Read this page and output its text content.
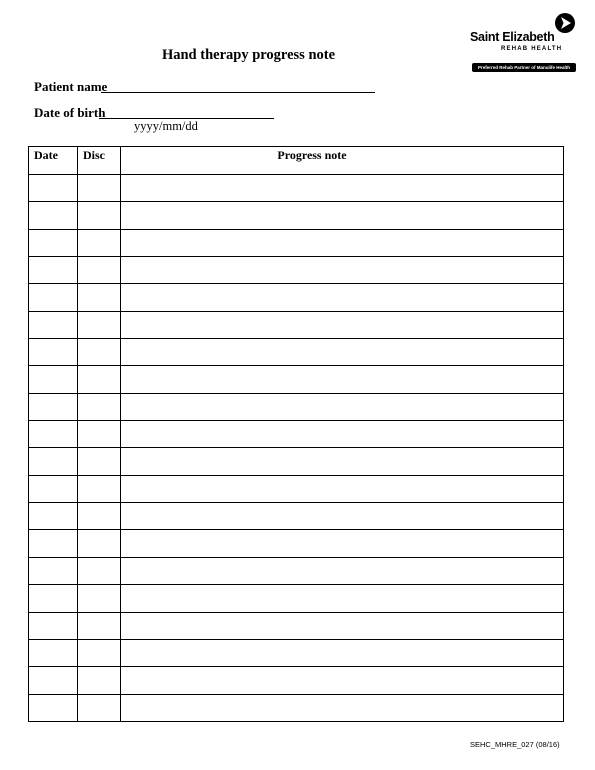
Hand therapy progress note
Saint Elizabeth
REHAB HEALTH
Preferred Rehab Partner of Manulife Health
Patient name
Date of birth
yyyy/mm/dd
Date	Disc	Progress note

SEHC_MHRE_027 (08/16)
